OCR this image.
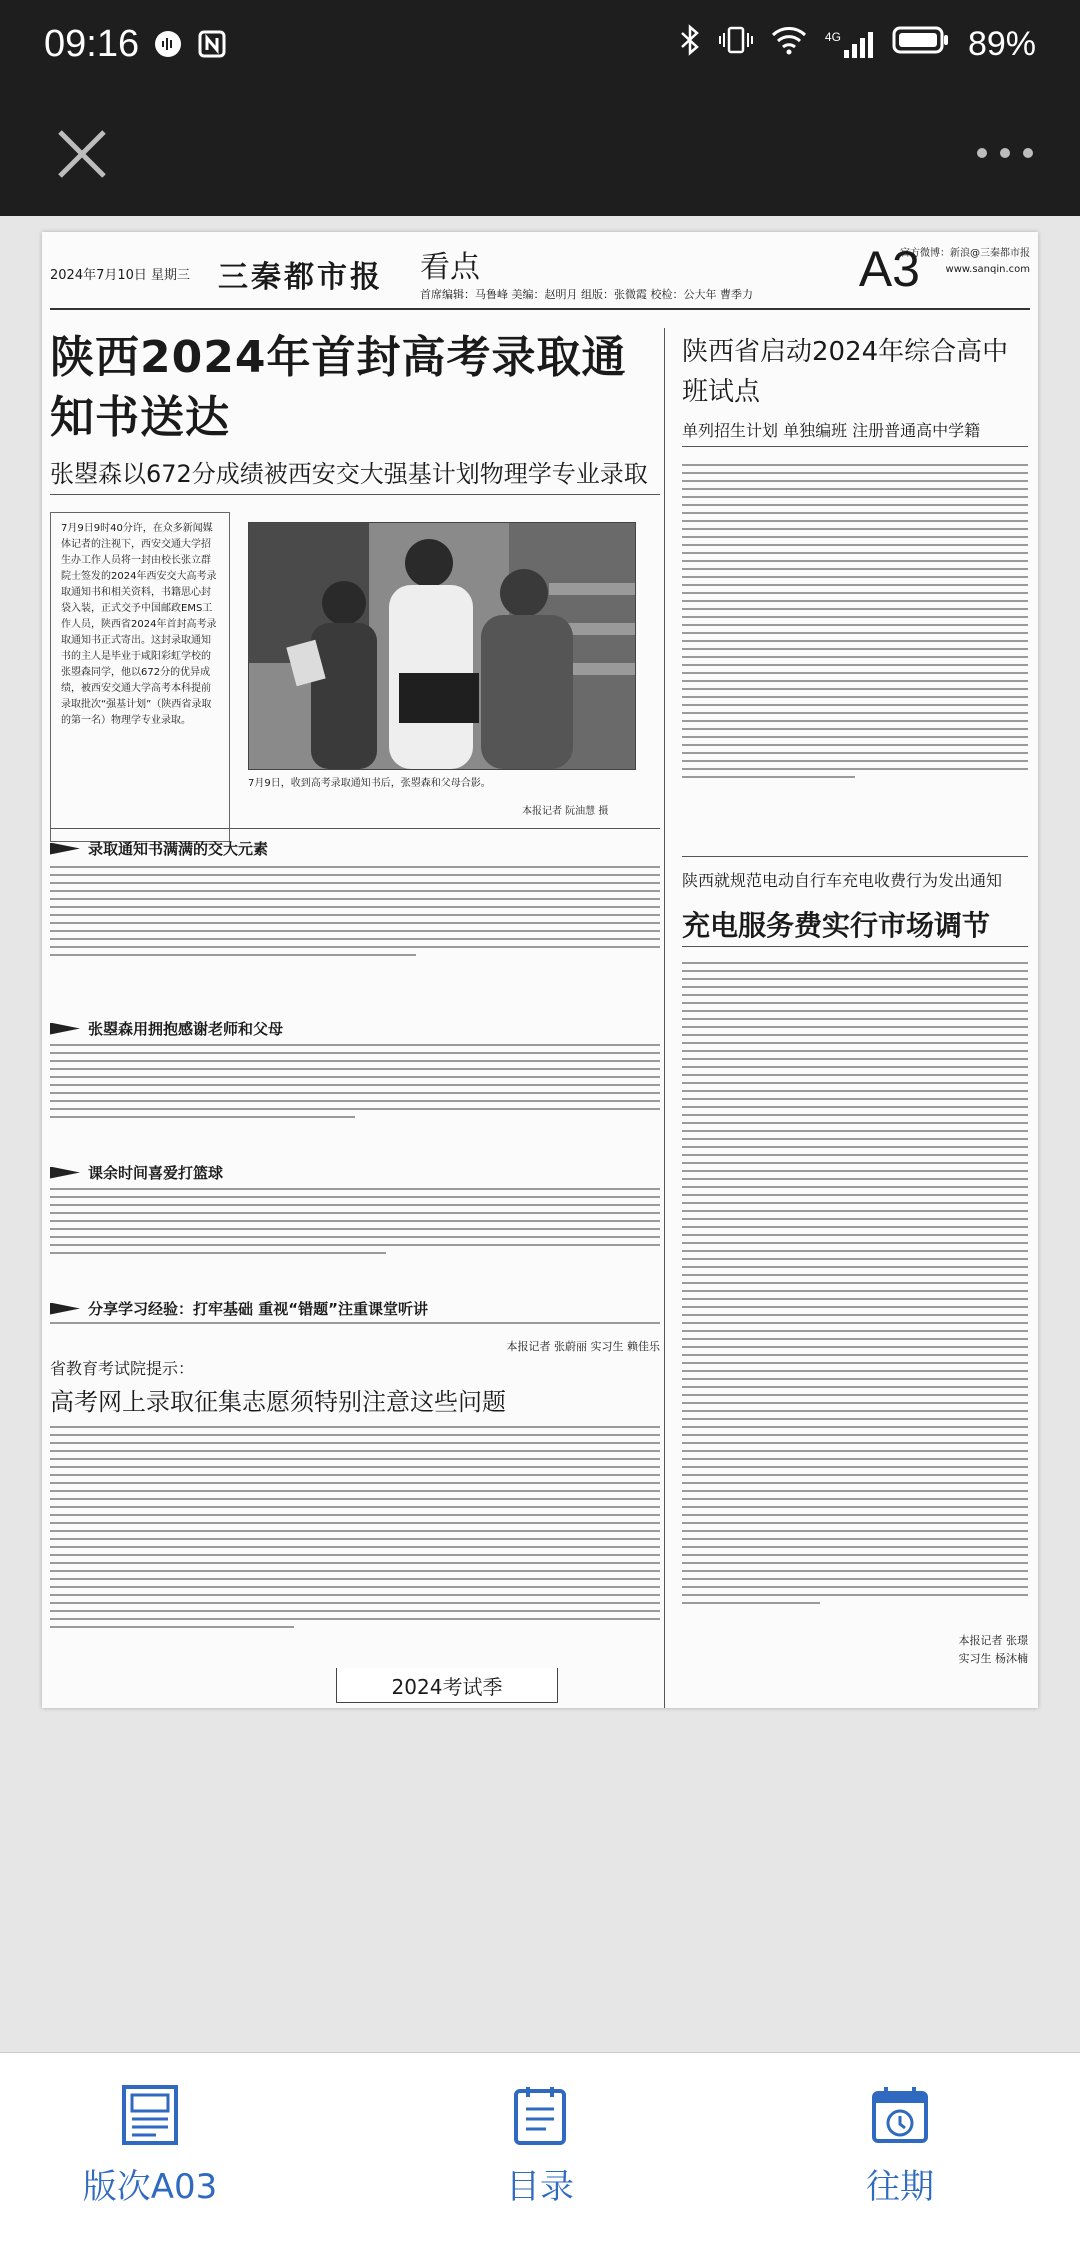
09:16	4G	89%
2024年7月10日 星期三 三秦都市报 看点
首席编辑：马鲁峰 美编：赵明月 组版：张微霞 校检：公大年 曹季力 A3
官方微博：新浪@三秦都市报
www.sanqin.com
陕西2024年首封高考录取通知书送达
张曌森以672分成绩被西安交大强基计划物理学专业录取
7月9日9时40分许，在众多新闻媒体记者的注视下，西安交通大学招生办工作人员将一封由校长张立群院士签发的2024年西安交大高考录取通知书和相关资料，书籍思心封袋入装，正式交予中国邮政EMS工作人员，陕西省2024年首封高考录取通知书正式寄出。这封录取通知书的主人是毕业于咸阳彩虹学校的张曌森同学，他以672分的优异成绩，被西安交通大学高考本科提前录取批次“强基计划”（陕西省录取的第一名）物理学专业录取。
7月9日，收到高考录取通知书后，张曌森和父母合影。
本报记者 阮油慧 摄
录取通知书满满的交大元素
张曌森用拥抱感谢老师和父母
课余时间喜爱打篮球
分享学习经验：打牢基础 重视“错题”注重课堂听讲
本报记者 张蔚丽 实习生 赖佳乐
省教育考试院提示：
高考网上录取征集志愿须特别注意这些问题
2024考试季
陕西省启动2024年综合高中班试点
单列招生计划 单独编班 注册普通高中学籍
陕西就规范电动自行车充电收费行为发出通知
充电服务费实行市场调节
本报记者 张璟
实习生 杨沐楠
版次A03	目录	往期
